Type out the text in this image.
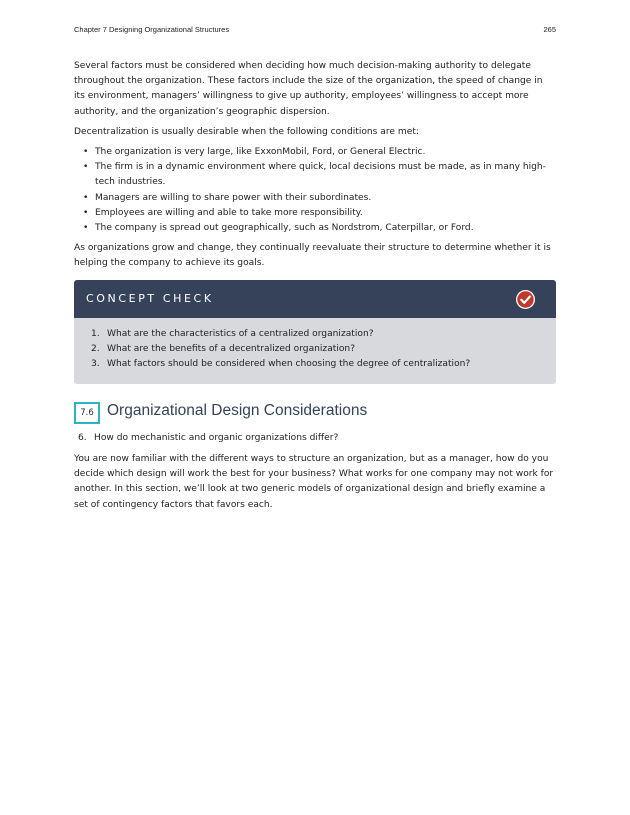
Chapter 7 Designing Organizational Structures	265

Several factors must be considered when deciding how much decision-making authority to delegate throughout the organization. These factors include the size of the organization, the speed of change in its environment, managers’ willingness to give up authority, employees’ willingness to accept more authority, and the organization’s geographic dispersion.

Decentralization is usually desirable when the following conditions are met:

• The organization is very large, like ExxonMobil, Ford, or General Electric.
• The firm is in a dynamic environment where quick, local decisions must be made, as in many high-tech industries.
• Managers are willing to share power with their subordinates.
• Employees are willing and able to take more responsibility.
• The company is spread out geographically, such as Nordstrom, Caterpillar, or Ford.

As organizations grow and change, they continually reevaluate their structure to determine whether it is helping the company to achieve its goals.

CONCEPT CHECK
1. What are the characteristics of a centralized organization?
2. What are the benefits of a decentralized organization?
3. What factors should be considered when choosing the degree of centralization?
7.6 Organizational Design Considerations
6. How do mechanistic and organic organizations differ?

You are now familiar with the different ways to structure an organization, but as a manager, how do you decide which design will work the best for your business? What works for one company may not work for another. In this section, we’ll look at two generic models of organizational design and briefly examine a set of contingency factors that favors each.
